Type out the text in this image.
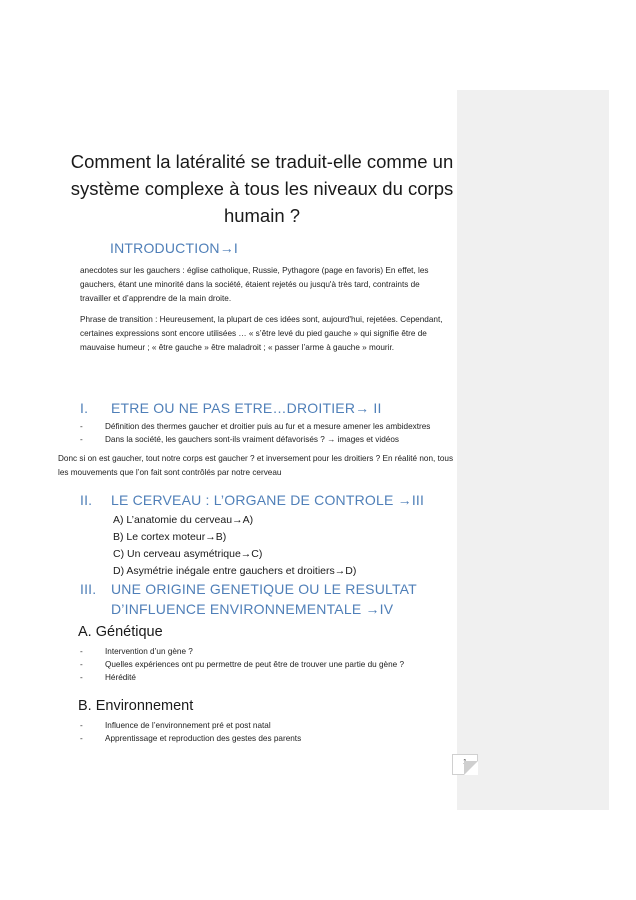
Comment la latéralité se traduit-elle comme un système complexe à tous les niveaux du corps humain ?
INTRODUCTION→I
anecdotes sur les gauchers : église catholique, Russie, Pythagore (page en favoris) En effet, les gauchers, étant une minorité dans la société, étaient rejetés ou jusqu'à très tard, contraints de travailler et d’apprendre de la main droite.
Phrase de transition : Heureusement, la plupart de ces idées sont, aujourd'hui, rejetées. Cependant, certaines expressions sont encore utilisées … « s’être levé du pied gauche » qui signifie être de mauvaise humeur ; « être gauche » être maladroit ; « passer l’arme à gauche » mourir.
I. ETRE OU NE PAS ETRE…DROITIER→ II
-	Définition des thermes gaucher et droitier puis au fur et a mesure amener les ambidextres
-	Dans la société, les gauchers sont-ils vraiment défavorisés ? → images et vidéos
Donc si on est gaucher, tout notre corps est gaucher ? et inversement pour les droitiers ? En réalité non, tous les mouvements que l’on fait sont contrôlés par notre cerveau
II. LE CERVEAU : L’ORGANE DE CONTROLE →III
A) L’anatomie du cerveau→A)
B) Le cortex moteur→B)
C) Un cerveau asymétrique→C)
D) Asymétrie inégale entre gauchers et droitiers→D)
III. UNE ORIGINE GENETIQUE OU LE RESULTAT
D’INFLUENCE ENVIRONNEMENTALE →IV
A. Génétique
-	Intervention d’un gène ?
-	Quelles expériences ont pu permettre de peut être de trouver une partie du gène ?
-	Hérédité
B. Environnement
-	Influence de l’environnement pré et post natal
-	Apprentissage et reproduction des gestes des parents
1
